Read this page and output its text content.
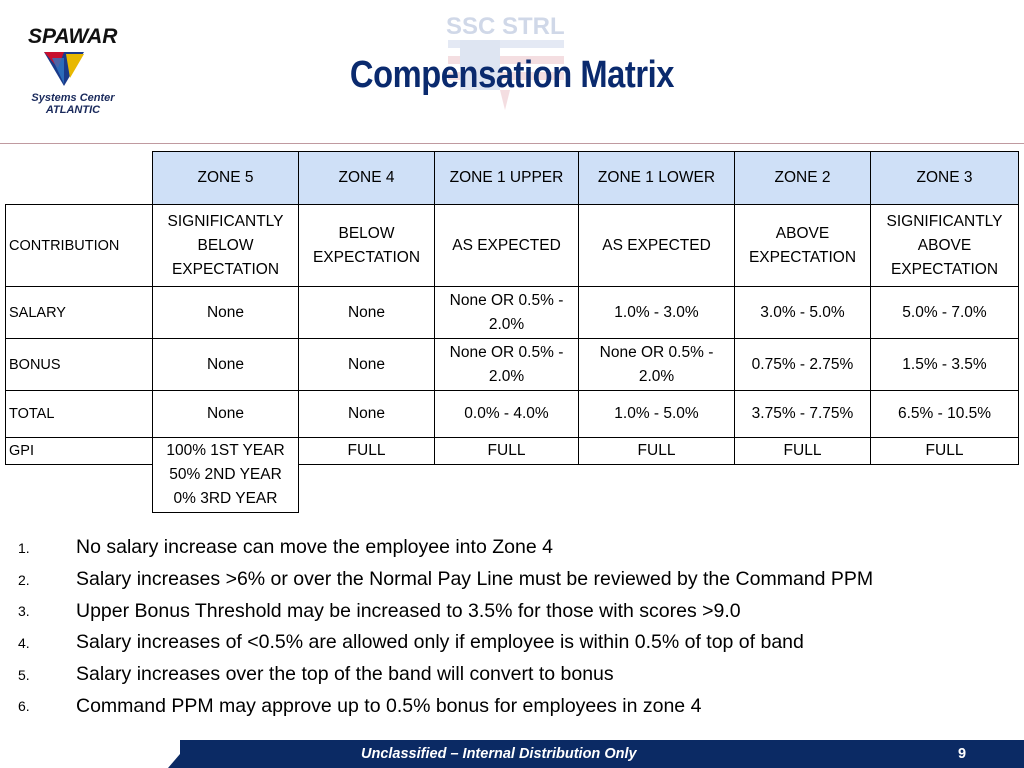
SPAWAR
Systems Center
ATLANTIC
SSC STRL
Compensation Matrix
	ZONE 5	ZONE 4	ZONE 1 UPPER	ZONE 1 LOWER	ZONE 2	ZONE 3
CONTRIBUTION	SIGNIFICANTLY BELOW EXPECTATION	BELOW EXPECTATION	AS EXPECTED	AS EXPECTED	ABOVE EXPECTATION	SIGNIFICANTLY ABOVE EXPECTATION
SALARY	None	None	None OR 0.5% - 2.0%	1.0% - 3.0%	3.0% - 5.0%	5.0% - 7.0%
BONUS	None	None	None OR 0.5% - 2.0%	None OR 0.5% - 2.0%	0.75% - 2.75%	1.5% - 3.5%
TOTAL	None	None	0.0% - 4.0%	1.0% - 5.0%	3.75% - 7.75%	6.5% - 10.5%
GPI	100% 1ST YEAR
50% 2ND YEAR
0% 3RD YEAR	FULL	FULL	FULL	FULL	FULL

1.	No salary increase can move the employee into Zone 4
2.	Salary increases >6% or over the Normal Pay Line must be reviewed by the Command PPM
3.	Upper Bonus Threshold may be increased to 3.5% for those with scores >9.0
4.	Salary increases of <0.5% are allowed only if employee is within 0.5% of top of band
5.	Salary increases over the top of the band will convert to bonus
6.	Command PPM may approve up to 0.5% bonus for employees in zone 4
Unclassified – Internal Distribution Only	9
